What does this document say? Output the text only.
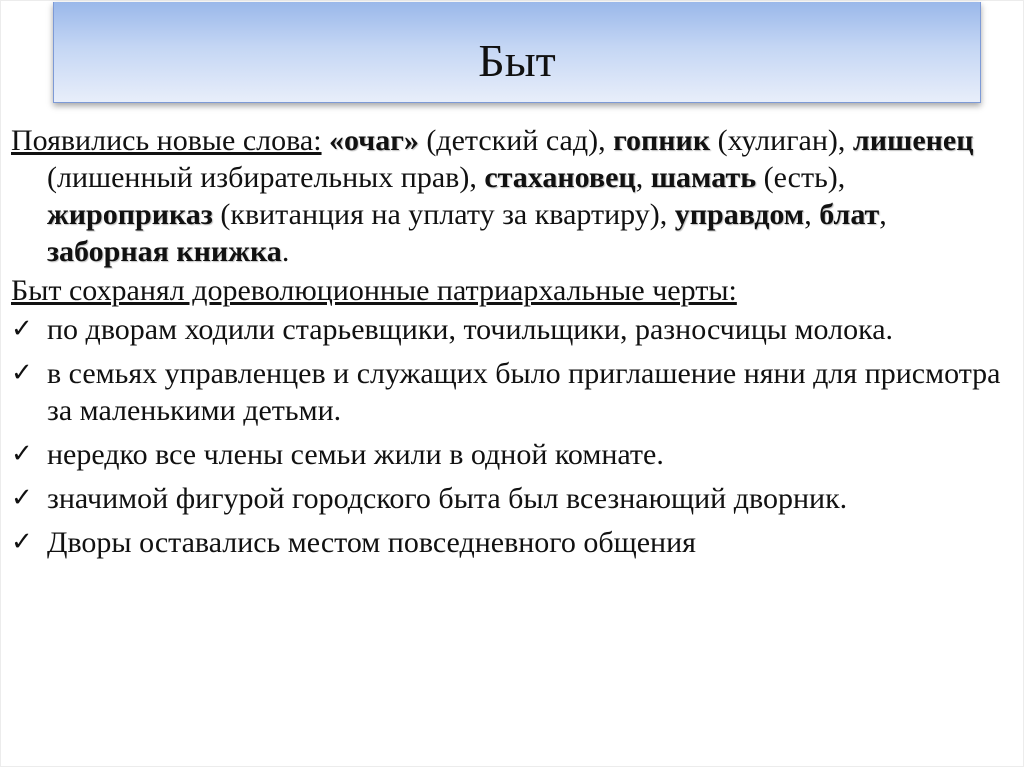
Быт

Появились новые слова: «очаг» (детский сад), гопник (хулиган), лишенец (лишенный избирательных прав), стахановец, шамать (есть), жироприказ (квитанция на уплату за квартиру), управдом, блат, заборная книжка.

Быт сохранял дореволюционные патриархальные черты:

✓ по дворам ходили старьевщики, точильщики, разносчицы молока.
✓ в семьях управленцев и служащих было приглашение няни для присмотра за маленькими детьми.
✓ нередко все члены семьи жили в одной комнате.
✓ значимой фигурой городского быта был всезнающий дворник.
✓ Дворы оставались местом повседневного общения
